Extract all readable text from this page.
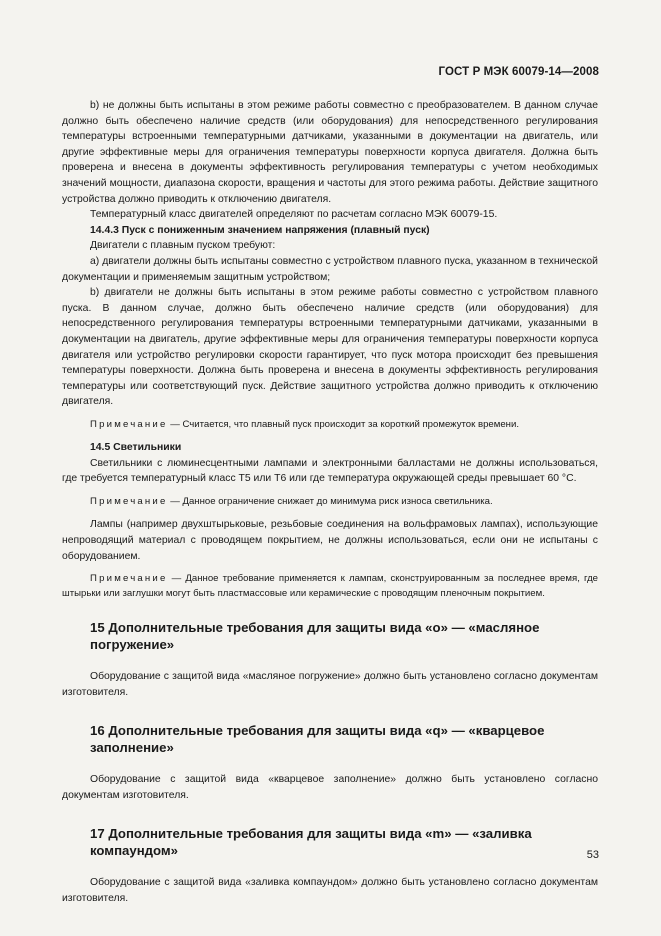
ГОСТ Р МЭК 60079-14—2008

b) не должны быть испытаны в этом режиме работы совместно с преобразователем. В данном случае должно быть обеспечено наличие средств (или оборудования) для непосредственного регулирования температуры встроенными температурными датчиками, указанными в документации на двигатель, или другие эффективные меры для ограничения температуры поверхности корпуса двигателя. Должна быть проверена и внесена в документы эффективность регулирования температуры с учетом необходимых значений мощности, диапазона скорости, вращения и частоты для этого режима работы. Действие защитного устройства должно приводить к отключению двигателя.

Температурный класс двигателей определяют по расчетам согласно МЭК 60079-15.

14.4.3 Пуск с пониженным значением напряжения (плавный пуск)

Двигатели с плавным пуском требуют:

a) двигатели должны быть испытаны совместно с устройством плавного пуска, указанном в технической документации и применяемым защитным устройством;

b) двигатели не должны быть испытаны в этом режиме работы совместно с устройством плавного пуска. В данном случае, должно быть обеспечено наличие средств (или оборудования) для непосредственного регулирования температуры встроенными температурными датчиками, указанными в документации на двигатель, другие эффективные меры для ограничения температуры поверхности корпуса двигателя или устройство регулировки скорости гарантирует, что пуск мотора происходит без превышения температуры поверхности. Должна быть проверена и внесена в документы эффективность регулирования температуры или соответствующий пуск. Действие защитного устройства должно приводить к отключению двигателя.

Примечание — Считается, что плавный пуск происходит за короткий промежуток времени.

14.5 Светильники

Светильники с люминесцентными лампами и электронными балластами не должны использоваться, где требуется температурный класс Т5 или Т6 или где температура окружающей среды превышает 60 °С.

Примечание — Данное ограничение снижает до минимума риск износа светильника.

Лампы (например двухштырьковые, резьбовые соединения на вольфрамовых лампах), использующие непроводящий материал с проводящем покрытием, не должны использоваться, если они не испытаны с оборудованием.

Примечание — Данное требование применяется к лампам, сконструированным за последнее время, где штырьки или заглушки могут быть пластмассовые или керамические с проводящим пленочным покрытием.

15 Дополнительные требования для защиты вида «о» — «масляное погружение»

Оборудование с защитой вида «масляное погружение» должно быть установлено согласно документам изготовителя.

16 Дополнительные требования для защиты вида «q» — «кварцевое заполнение»

Оборудование с защитой вида «кварцевое заполнение» должно быть установлено согласно документам изготовителя.

17 Дополнительные требования для защиты вида «m» — «заливка компаундом»

Оборудование с защитой вида «заливка компаундом» должно быть установлено согласно документам изготовителя.

53
